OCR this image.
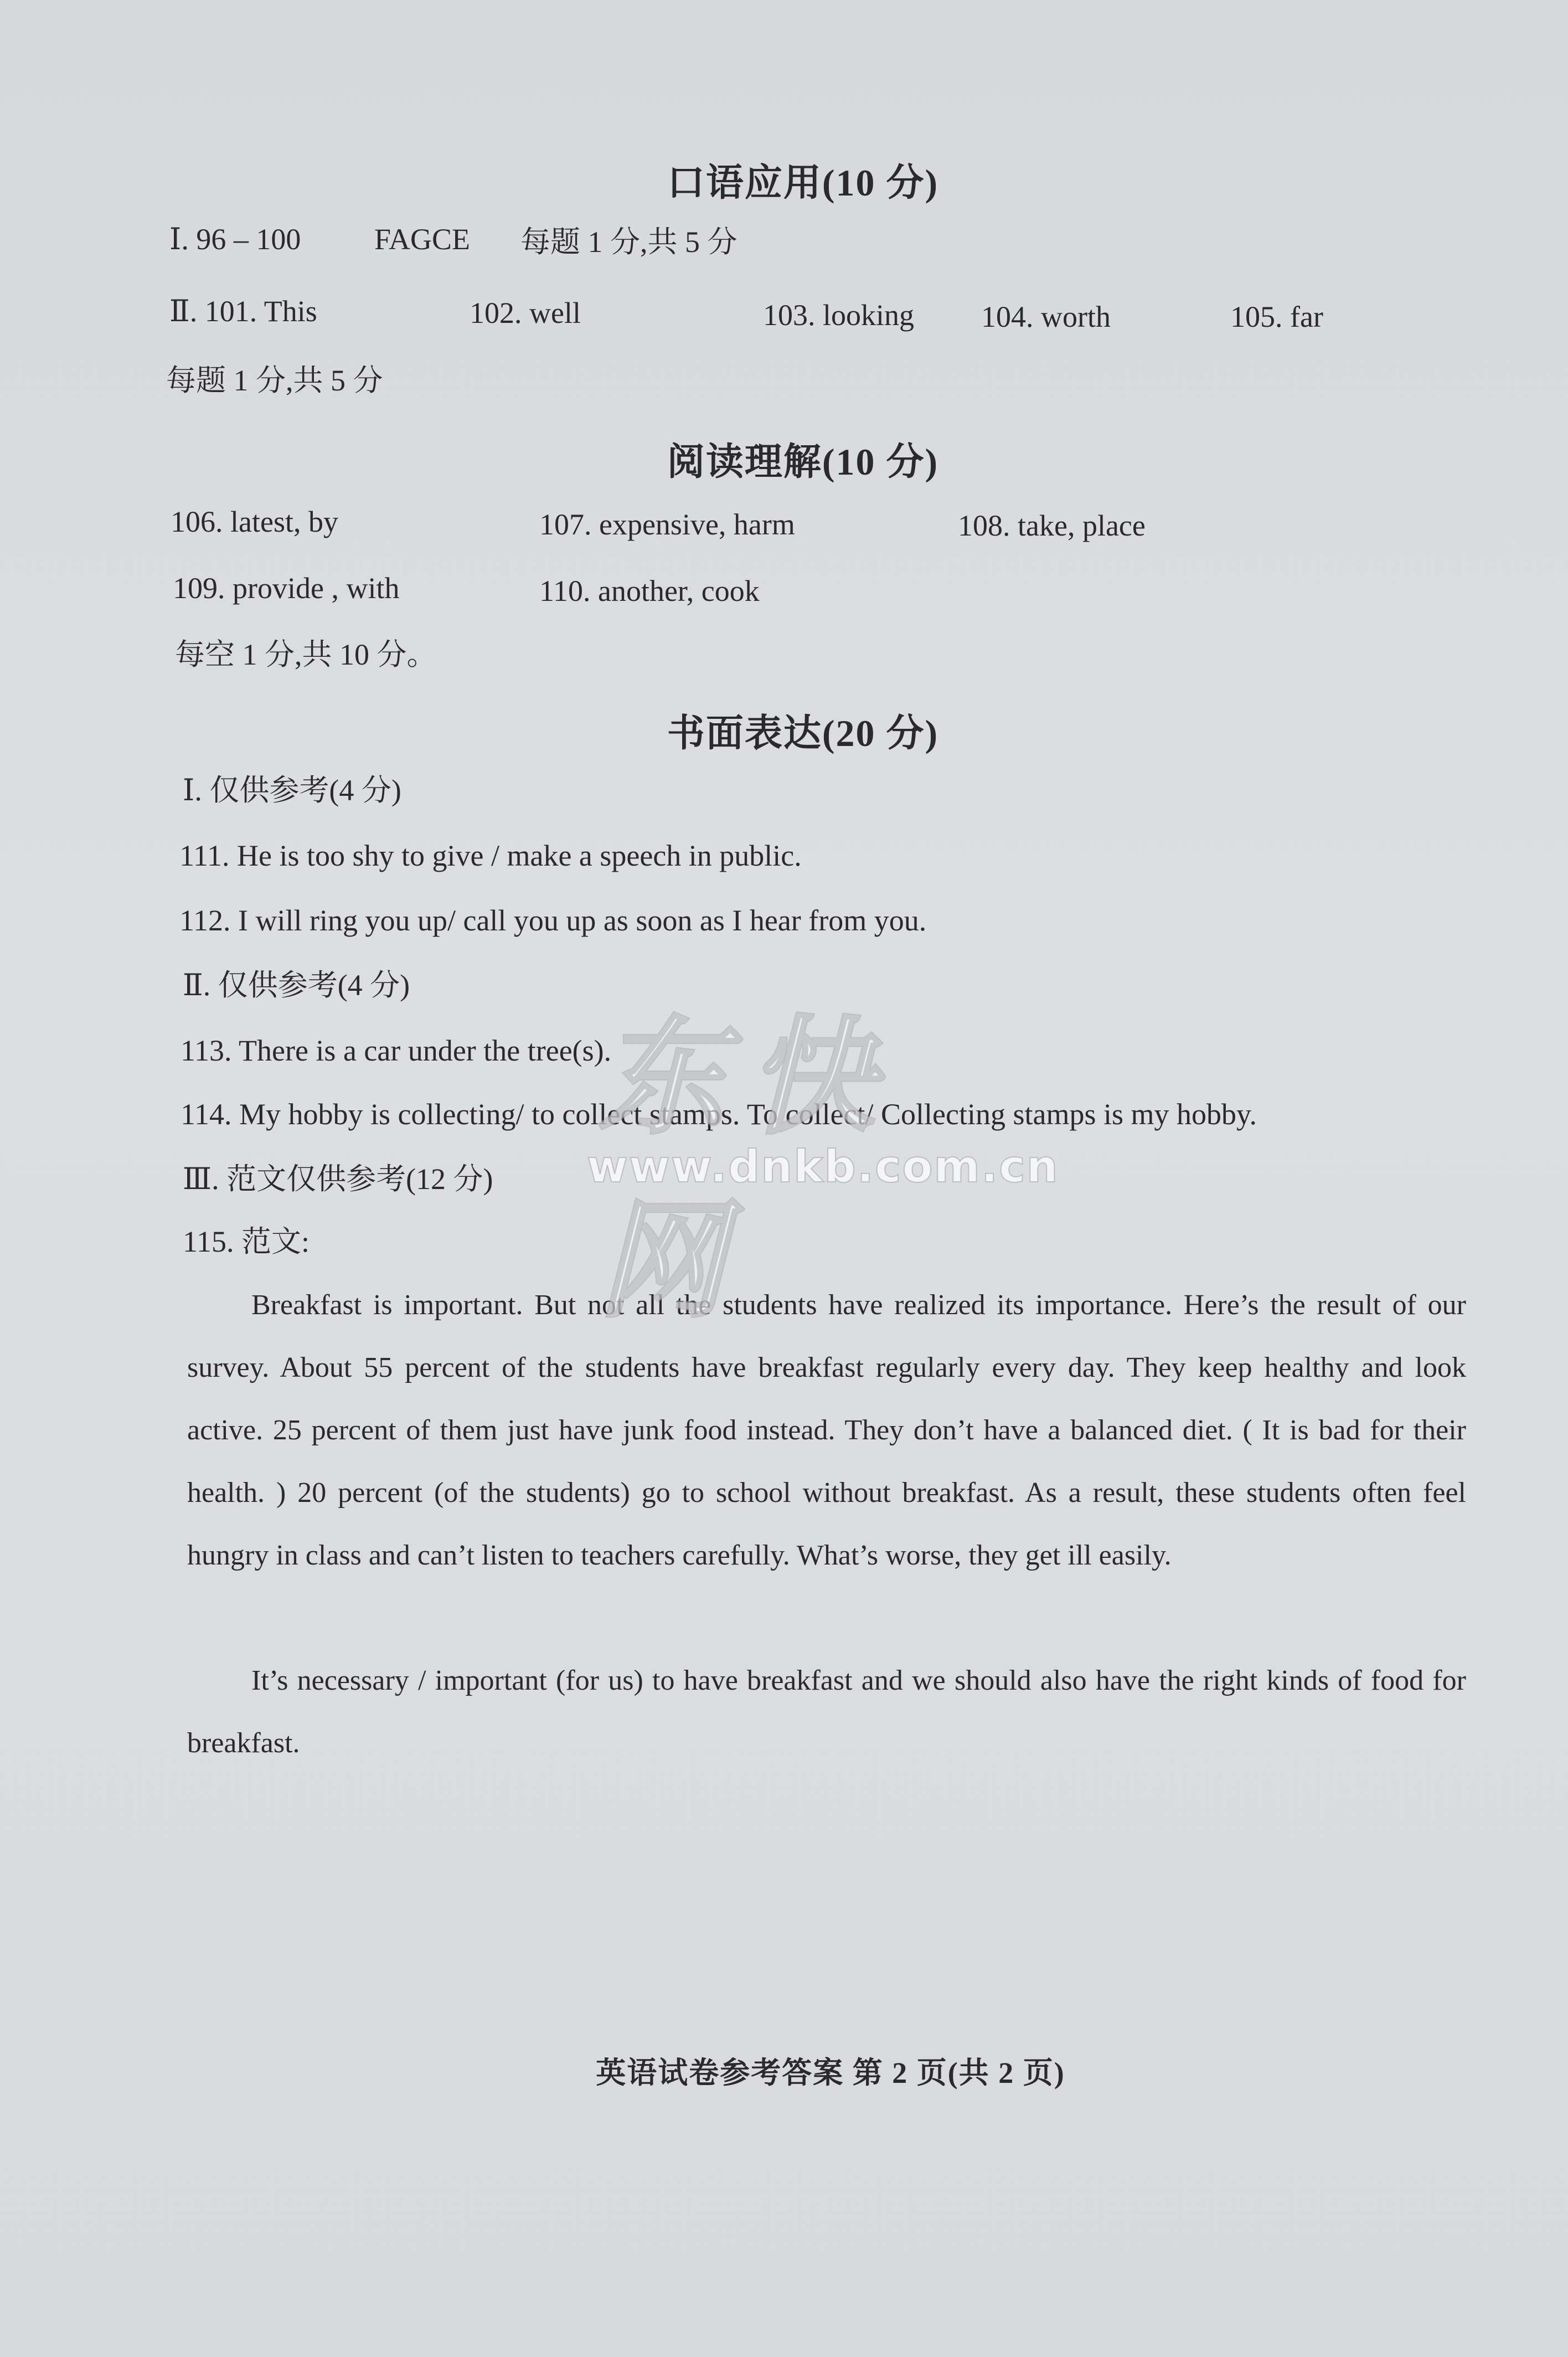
口语应用(10 分)
Ⅰ. 96 – 100 FAGCE 每题 1 分,共 5 分
Ⅱ. 101. This	102. well	103. looking 104. worth	105. far
每题 1 分,共 5 分
阅读理解(10 分)
106. latest, by	107. expensive, harm	108. take, place
109. provide , with	110. another, cook
每空 1 分,共 10 分。
书面表达(20 分)
Ⅰ. 仅供参考(4 分)
111. He is too shy to give / make a speech in public.
112. I will ring you up/ call you up as soon as I hear from you.
Ⅱ. 仅供参考(4 分)
113. There is a car under the tree(s).
114. My hobby is collecting/ to collect stamps. To collect/ Collecting stamps is my hobby.
Ⅲ. 范文仅供参考(12 分)
115. 范文:
Breakfast is important. But not all the students have realized its importance. Here’s the result of our survey. About 55 percent of the students have breakfast regularly every day. They keep healthy and look active. 25 percent of them just have junk food instead. They don’t have a balanced diet. ( It is bad for their health. ) 20 percent (of the students) go to school without breakfast. As a result, these students often feel hungry in class and can’t listen to teachers carefully. What’s worse, they get ill easily.
It’s necessary / important (for us) to have breakfast and we should also have the right kinds of food for breakfast.
东快网
www.dnkb.com.cn
英语试卷参考答案 第 2 页(共 2 页)
